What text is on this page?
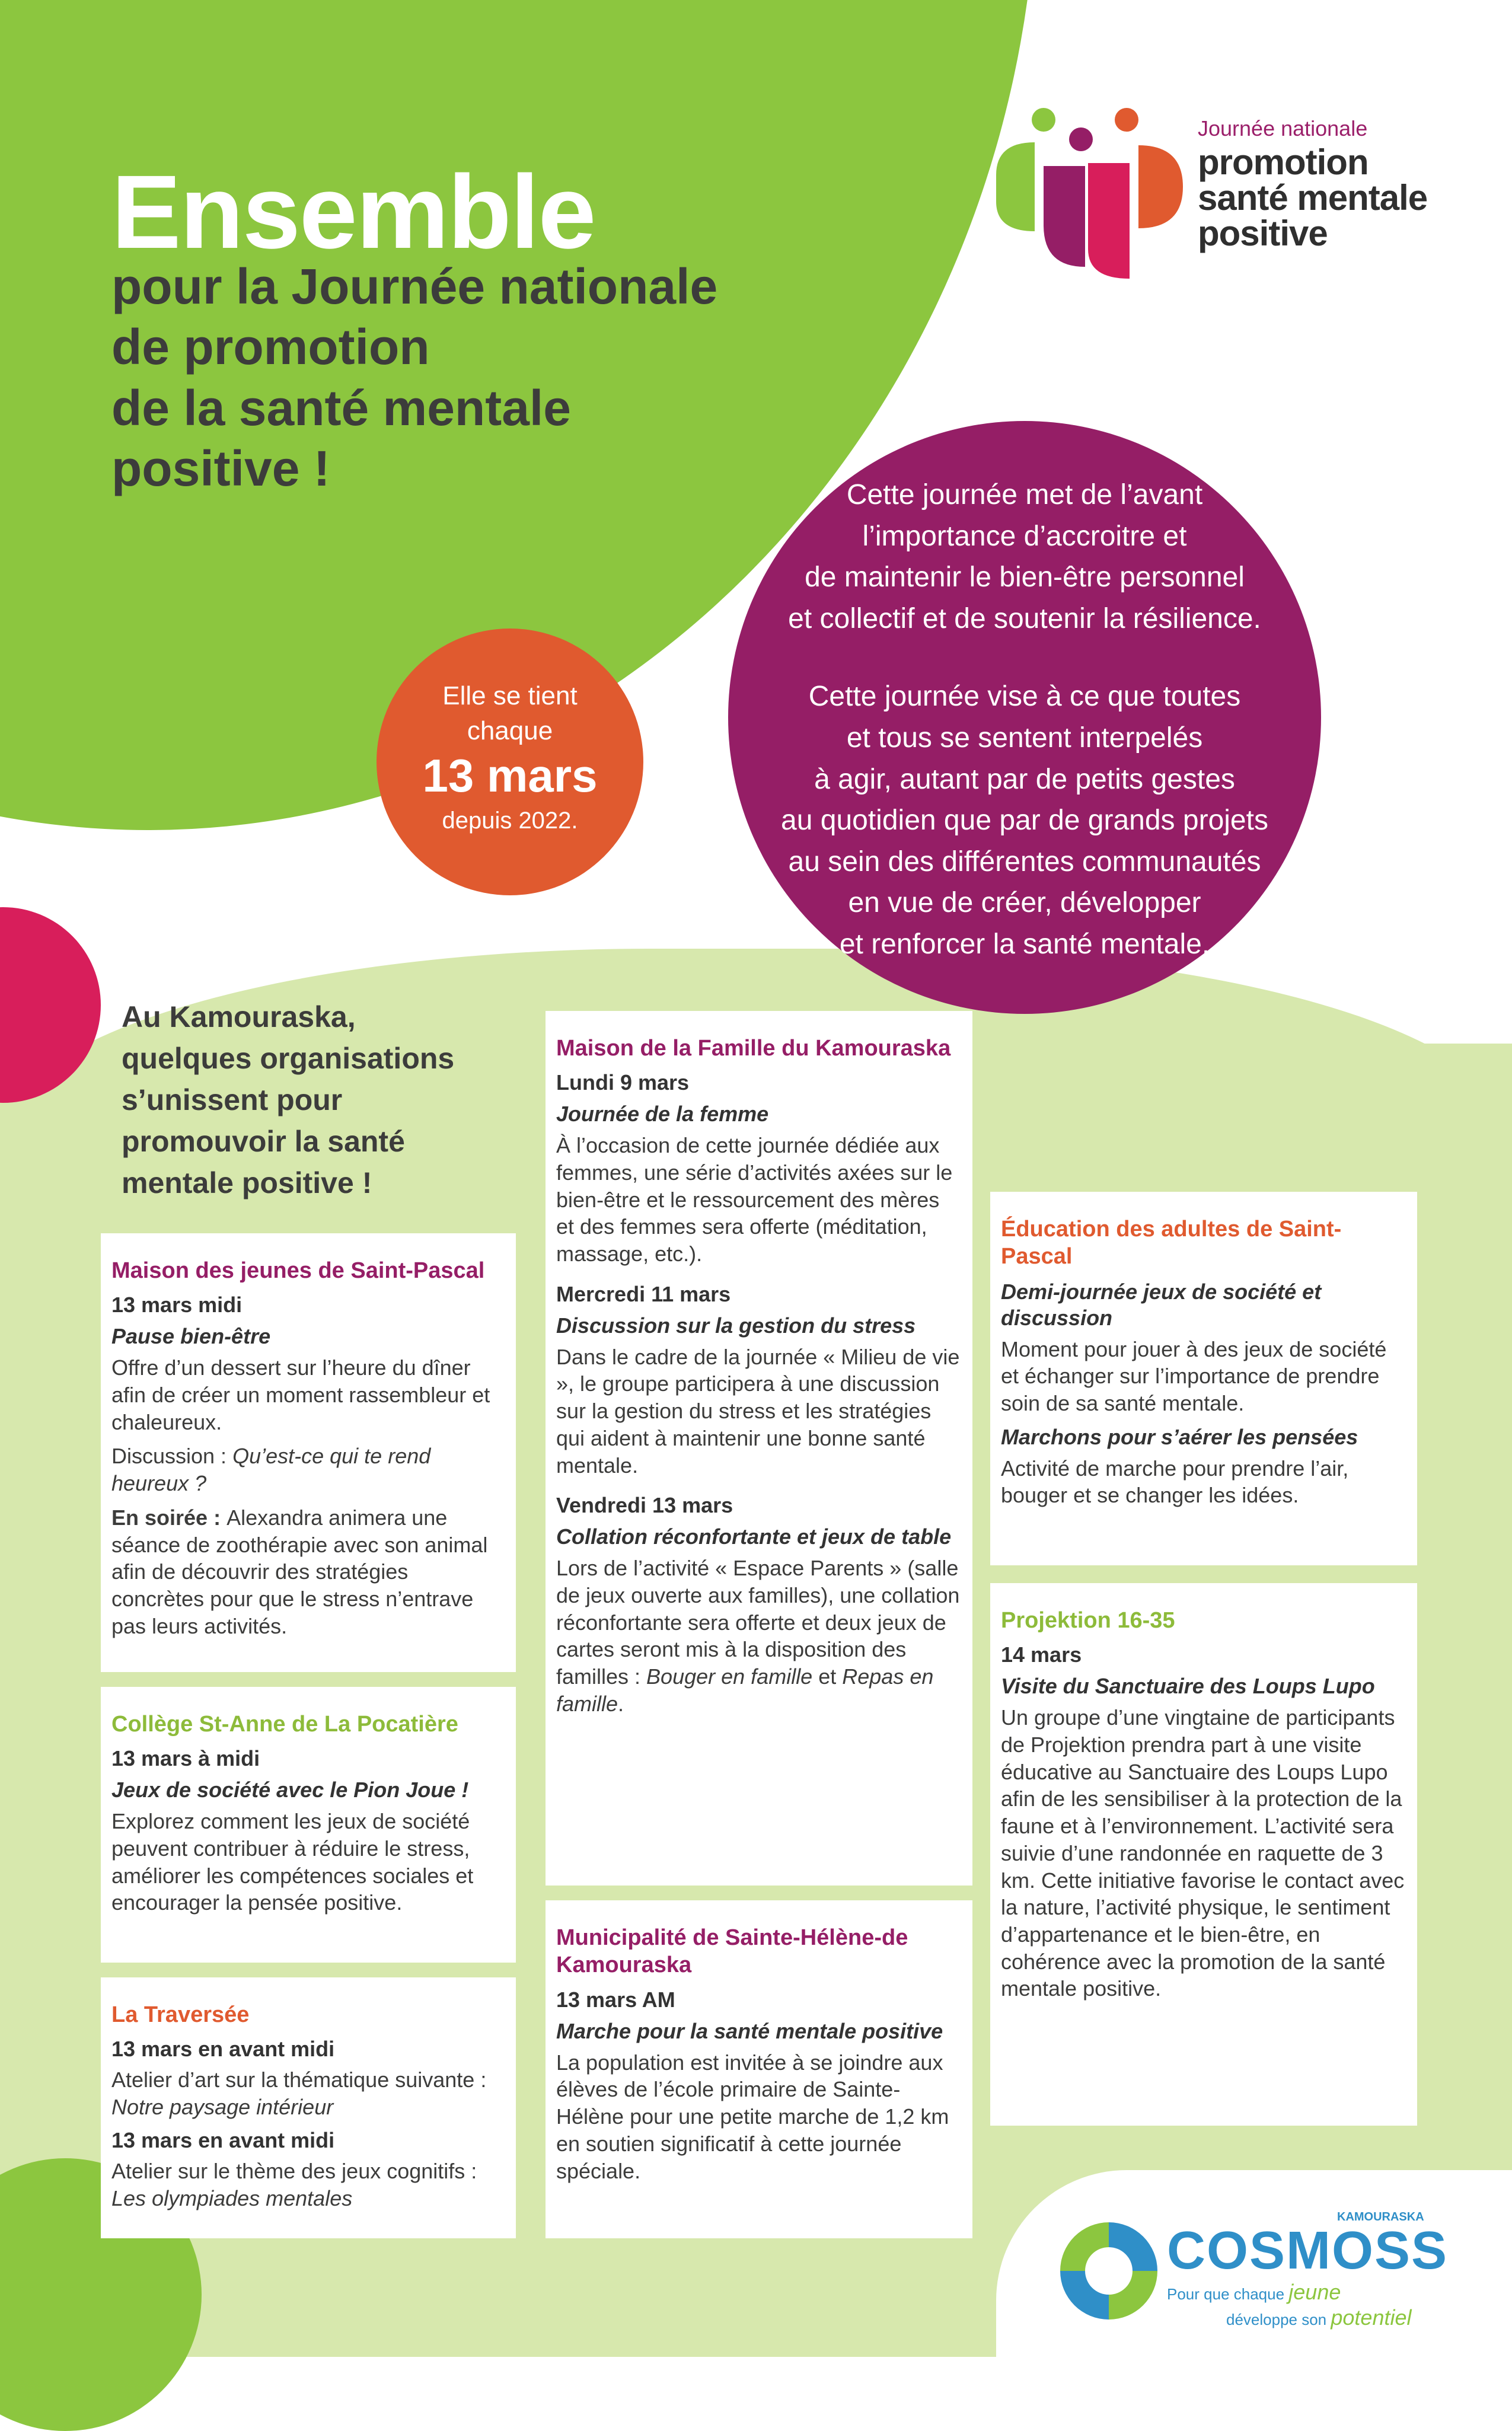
Ensemble
pour la Journée nationale
de promotion
de la santé mentale
positive !
Journée nationale
promotion
santé mentale
positive
Elle se tient
chaque
13 mars
depuis 2022.
Cette journée met de l’avant
l’importance d’accroitre et
de maintenir le bien-être personnel
et collectif et de soutenir la résilience.
Cette journée vise à ce que toutes
et tous se sentent interpelés
à agir, autant par de petits gestes
au quotidien que par de grands projets
au sein des différentes communautés
en vue de créer, développer
et renforcer la santé mentale.
Au Kamouraska,
quelques organisations
s’unissent pour
promouvoir la santé
mentale positive !
Maison des jeunes de Saint-Pascal
13 mars midi
Pause bien-être

Offre d’un dessert sur l’heure du dîner afin de créer un moment rassembleur et chaleureux.

Discussion : Qu’est-ce qui te rend heureux ?

En soirée : Alexandra animera une séance de zoothérapie avec son animal afin de découvrir des stratégies concrètes pour que le stress n’entrave pas leurs activités.

Collège St-Anne de La Pocatière
13 mars à midi
Jeux de société avec le Pion Joue !

Explorez comment les jeux de société peuvent contribuer à réduire le stress, améliorer les compétences sociales et encourager la pensée positive.

La Traversée
13 mars en avant midi

Atelier d’art sur la thématique suivante : Notre paysage intérieur

13 mars en avant midi

Atelier sur le thème des jeux cognitifs : Les olympiades mentales

Maison de la Famille du Kamouraska
Lundi 9 mars
Journée de la femme

À l’occasion de cette journée dédiée aux femmes, une série d’activités axées sur le bien-être et le ressourcement des mères et des femmes sera offerte (méditation, massage, etc.).

Mercredi 11 mars
Discussion sur la gestion du stress

Dans le cadre de la journée « Milieu de vie », le groupe participera à une discussion sur la gestion du stress et les stratégies qui aident à maintenir une bonne santé mentale.

Vendredi 13 mars
Collation réconfortante et jeux de table

Lors de l’activité « Espace Parents » (salle de jeux ouverte aux familles), une collation réconfortante sera offerte et deux jeux de cartes seront mis à la disposition des familles : Bouger en famille et Repas en famille.

Municipalité de Sainte-Hélène-de Kamouraska
13 mars AM
Marche pour la santé mentale positive

La population est invitée à se joindre aux élèves de l’école primaire de Sainte-Hélène pour une petite marche de 1,2 km en soutien significatif à cette journée spéciale.

Éducation des adultes de Saint-Pascal
Demi-journée jeux de société et discussion

Moment pour jouer à des jeux de société et échanger sur l’importance de prendre soin de sa santé mentale.

Marchons pour s’aérer les pensées

Activité de marche pour prendre l’air, bouger et se changer les idées.

Projektion 16-35
14 mars
Visite du Sanctuaire des Loups Lupo

Un groupe d’une vingtaine de participants de Projektion prendra part à une visite éducative au Sanctuaire des Loups Lupo afin de les sensibiliser à la protection de la faune et à l’environnement. L’activité sera suivie d’une randonnée en raquette de 3 km. Cette initiative favorise le contact avec la nature, l’activité physique, le sentiment d’appartenance et le bien-être, en cohérence avec la promotion de la santé mentale positive.

KAMOURASKA
COSMOSS
Pour que chaque jeune
développe son potentiel
